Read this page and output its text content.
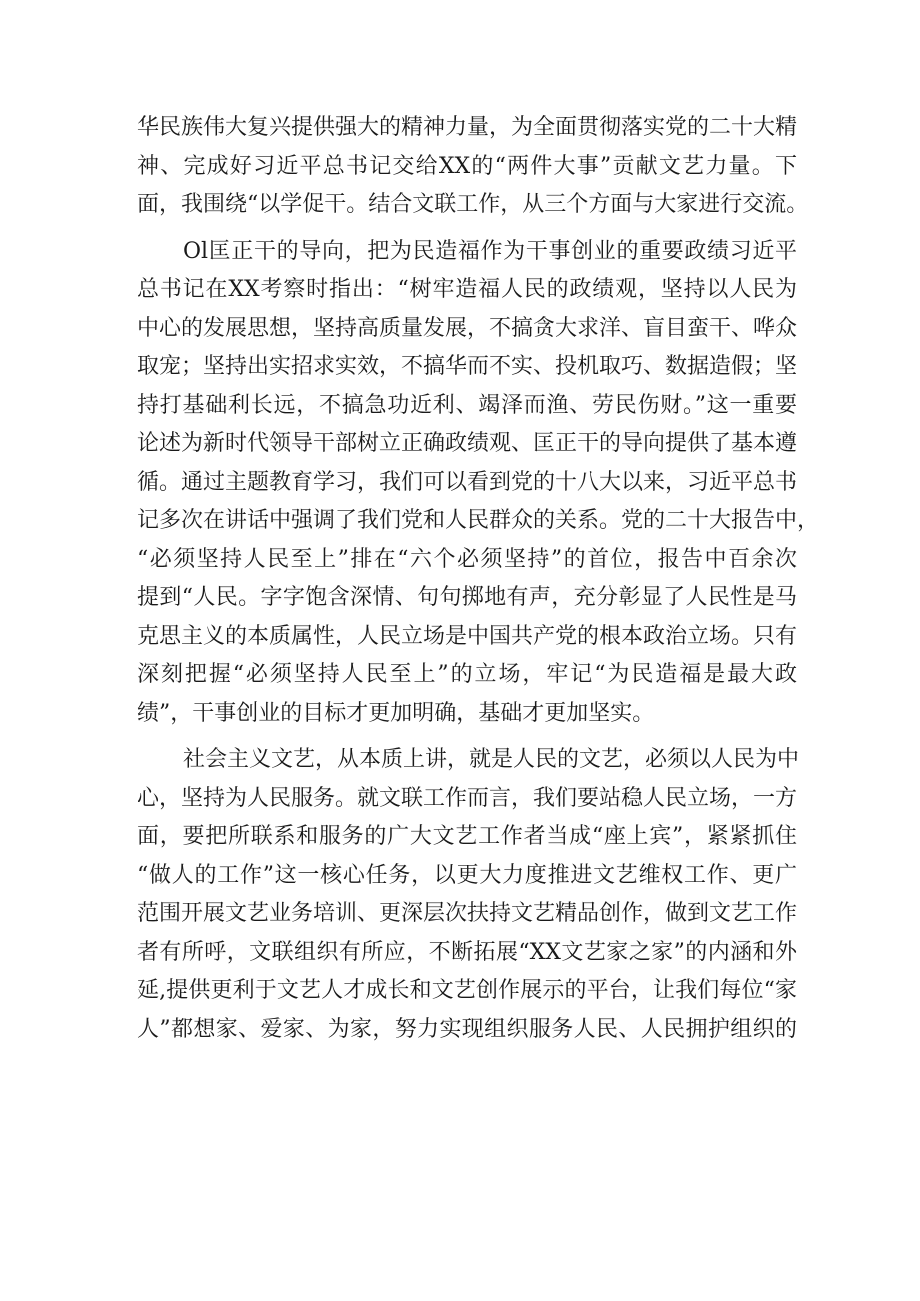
华民族伟大复兴提供强大的精神力量，为全面贯彻落实党的二十大精
神、完成好习近平总书记交给XX的“两件大事”贡献文艺力量。下
面，我围绕“以学促干。结合文联工作，从三个方面与大家进行交流。
Ol匡正干的导向，把为民造福作为干事创业的重要政绩习近平
总书记在XX考察时指出：“树牢造福人民的政绩观，坚持以人民为
中心的发展思想，坚持高质量发展，不搞贪大求洋、盲目蛮干、哗众
取宠；坚持出实招求实效，不搞华而不实、投机取巧、数据造假；坚
持打基础利长远，不搞急功近利、竭泽而渔、劳民伤财。”这一重要
论述为新时代领导干部树立正确政绩观、匡正干的导向提供了基本遵
循。通过主题教育学习，我们可以看到党的十八大以来，习近平总书
记多次在讲话中强调了我们党和人民群众的关系。党的二十大报告中，
“必须坚持人民至上”排在“六个必须坚持”的首位，报告中百余次
提到“人民。字字饱含深情、句句掷地有声，充分彰显了人民性是马
克思主义的本质属性，人民立场是中国共产党的根本政治立场。只有
深刻把握“必须坚持人民至上”的立场，牢记“为民造福是最大政
绩”，干事创业的目标才更加明确，基础才更加坚实。
社会主义文艺，从本质上讲，就是人民的文艺，必须以人民为中
心，坚持为人民服务。就文联工作而言，我们要站稳人民立场，一方
面，要把所联系和服务的广大文艺工作者当成“座上宾”，紧紧抓住
“做人的工作”这一核心任务，以更大力度推进文艺维权工作、更广
范围开展文艺业务培训、更深层次扶持文艺精品创作，做到文艺工作
者有所呼，文联组织有所应，不断拓展“XX文艺家之家”的内涵和外
延,提供更利于文艺人才成长和文艺创作展示的平台，让我们每位“家
人”都想家、爱家、为家，努力实现组织服务人民、人民拥护组织的
